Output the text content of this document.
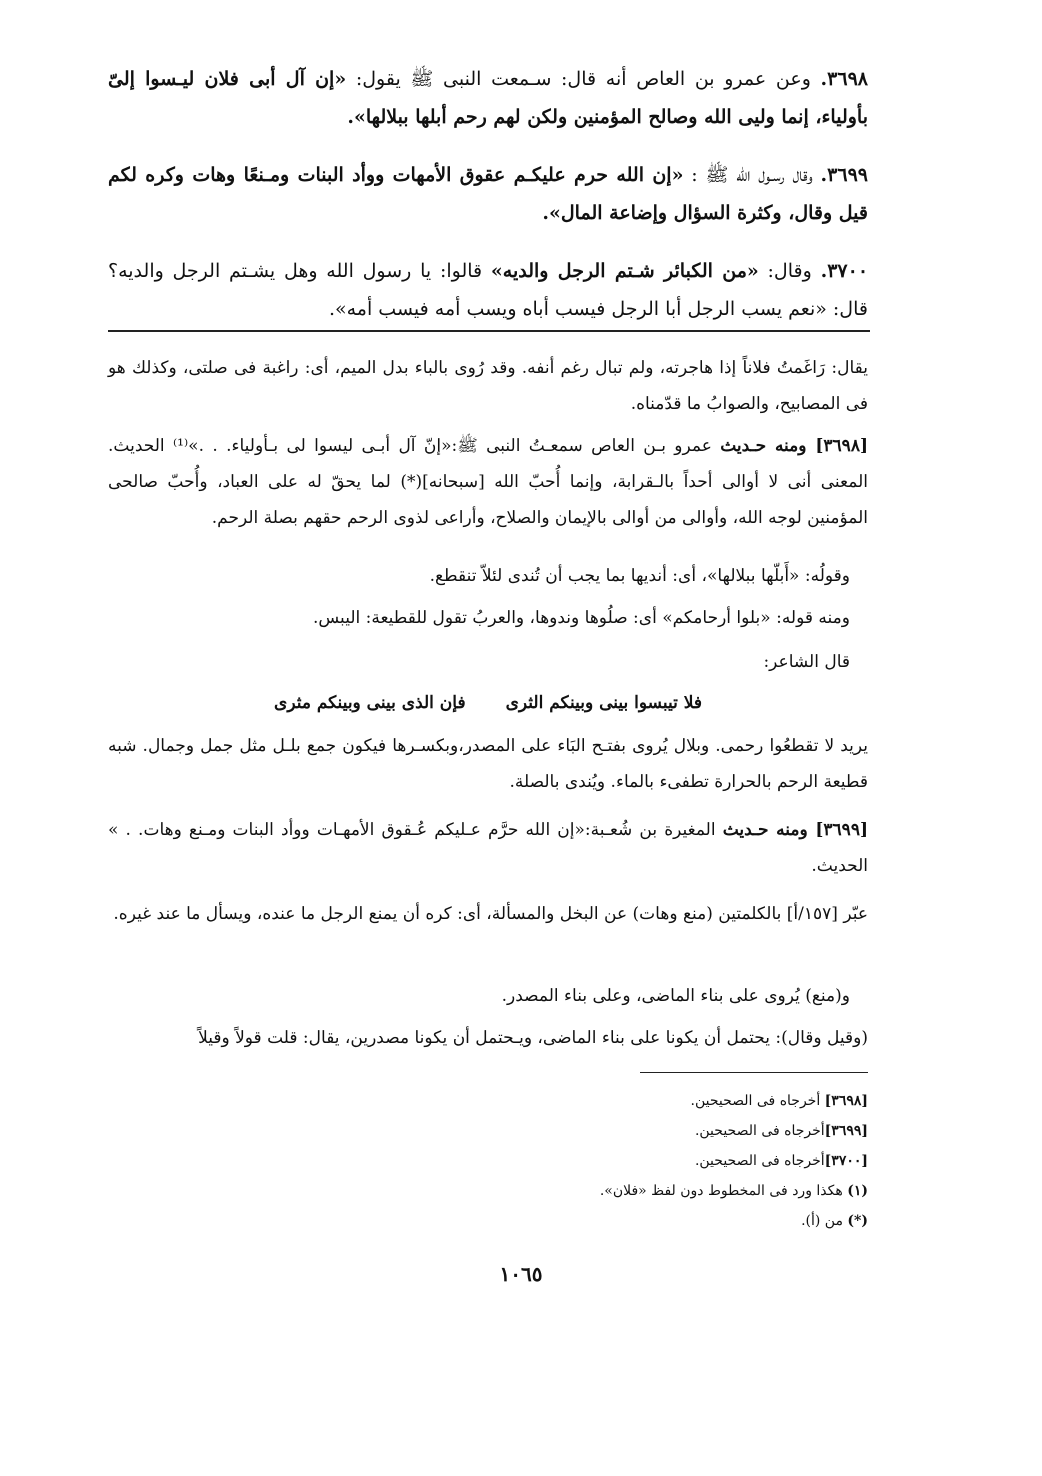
٣٦٩٨. وعن عمرو بن العاص أنه قال: سـمعت النبى ﷺ يقول: «إن آل أبى فلان ليـسوا إلىّ بأولياء، إنما وليى الله وصالح المؤمنين ولكن لهم رحم أبلها ببلالها».
٣٦٩٩. وقال رسـول الله ﷺ : «إن الله حرم عليكـم عقوق الأمهات ووأد البنات ومـنعًا وهات وكره لكم قيل وقال، وكثرة السؤال وإضاعة المال».
٣٧٠٠. وقال: «من الكبائر شـتم الرجل والديه» قالوا: يا رسول الله وهل يشـتم الرجل والديه؟ قال: «نعم يسب الرجل أبا الرجل فيسب أباه ويسب أمه فيسب أمه».
يقال: رَاغَمتُ فلاناً إذا هاجرته، ولم تبال رغم أنفه. وقد رُوى بالباء بدل الميم، أى: راغبة فى صلتى، وكذلك هو فى المصابيح، والصوابُ ما قدّمناه.
[٣٦٩٨] ومنه حـديث عمرو بـن العاص سمعـتُ النبى ﷺ:«إنّ آل أبـى ليسوا لى بـأولياء. . .»⁽¹⁾ الحديث. المعنى أنى لا أوالى أحداً بالـقرابة، وإنما أُحبّ الله [سبحانه](*) لما يحقّ له على العباد، وأُحبّ صالحى المؤمنين لوجه الله، وأوالى من أوالى بالإيمان والصلاح، وأراعى لذوى الرحم حقهم بصلة الرحم.
وقولُه: «أَبلّها ببلالها»، أى: أنديها بما يجب أن تُندى لئلاّ تنقطع.
ومنه قوله: «بلوا أرحامكم» أى: صلُوها وندوها، والعربُ تقول للقطيعة: اليبس.
قال الشاعر:
فلا تيبسوا بينى وبينكم الثرى
فإن الذى بينى وبينكم مثرى
يريد لا تقطعُوا رحمى. وبلال يُروى بفتـح البَاء على المصدر،وبكسـرها فيكون جمع بلـل مثل جمل وجمال. شبه قطيعة الرحم بالحرارة تطفىء بالماء. ويُندى بالصلة.
[٣٦٩٩] ومنه حـديث المغيرة بن شُعـبة:«إن الله حرَّم عـليكم عُـقوق الأمهـات ووأد البنات ومـنع وهات. . » الحديث.
عبّر [١٥٧/أ] بالكلمتين (منع وهات) عن البخل والمسألة، أى: كره أن يمنع الرجل ما عنده، ويسأل ما عند غيره.
و(منع) يُروى على بناء الماضى، وعلى بناء المصدر.
(وقيل وقال): يحتمل أن يكونا على بناء الماضى، ويـحتمل أن يكونا مصدرين، يقال: قلت قولاً وقيلاً
[٣٦٩٨] أخرجاه فى الصحيحين.
[٣٦٩٩]أخرجاه فى الصحيحين.
[٣٧٠٠]أخرجاه فى الصحيحين.
(١) هكذا ورد فى المخطوط دون لفظ «فلان».
(*) من (أ).
١٠٦٥
